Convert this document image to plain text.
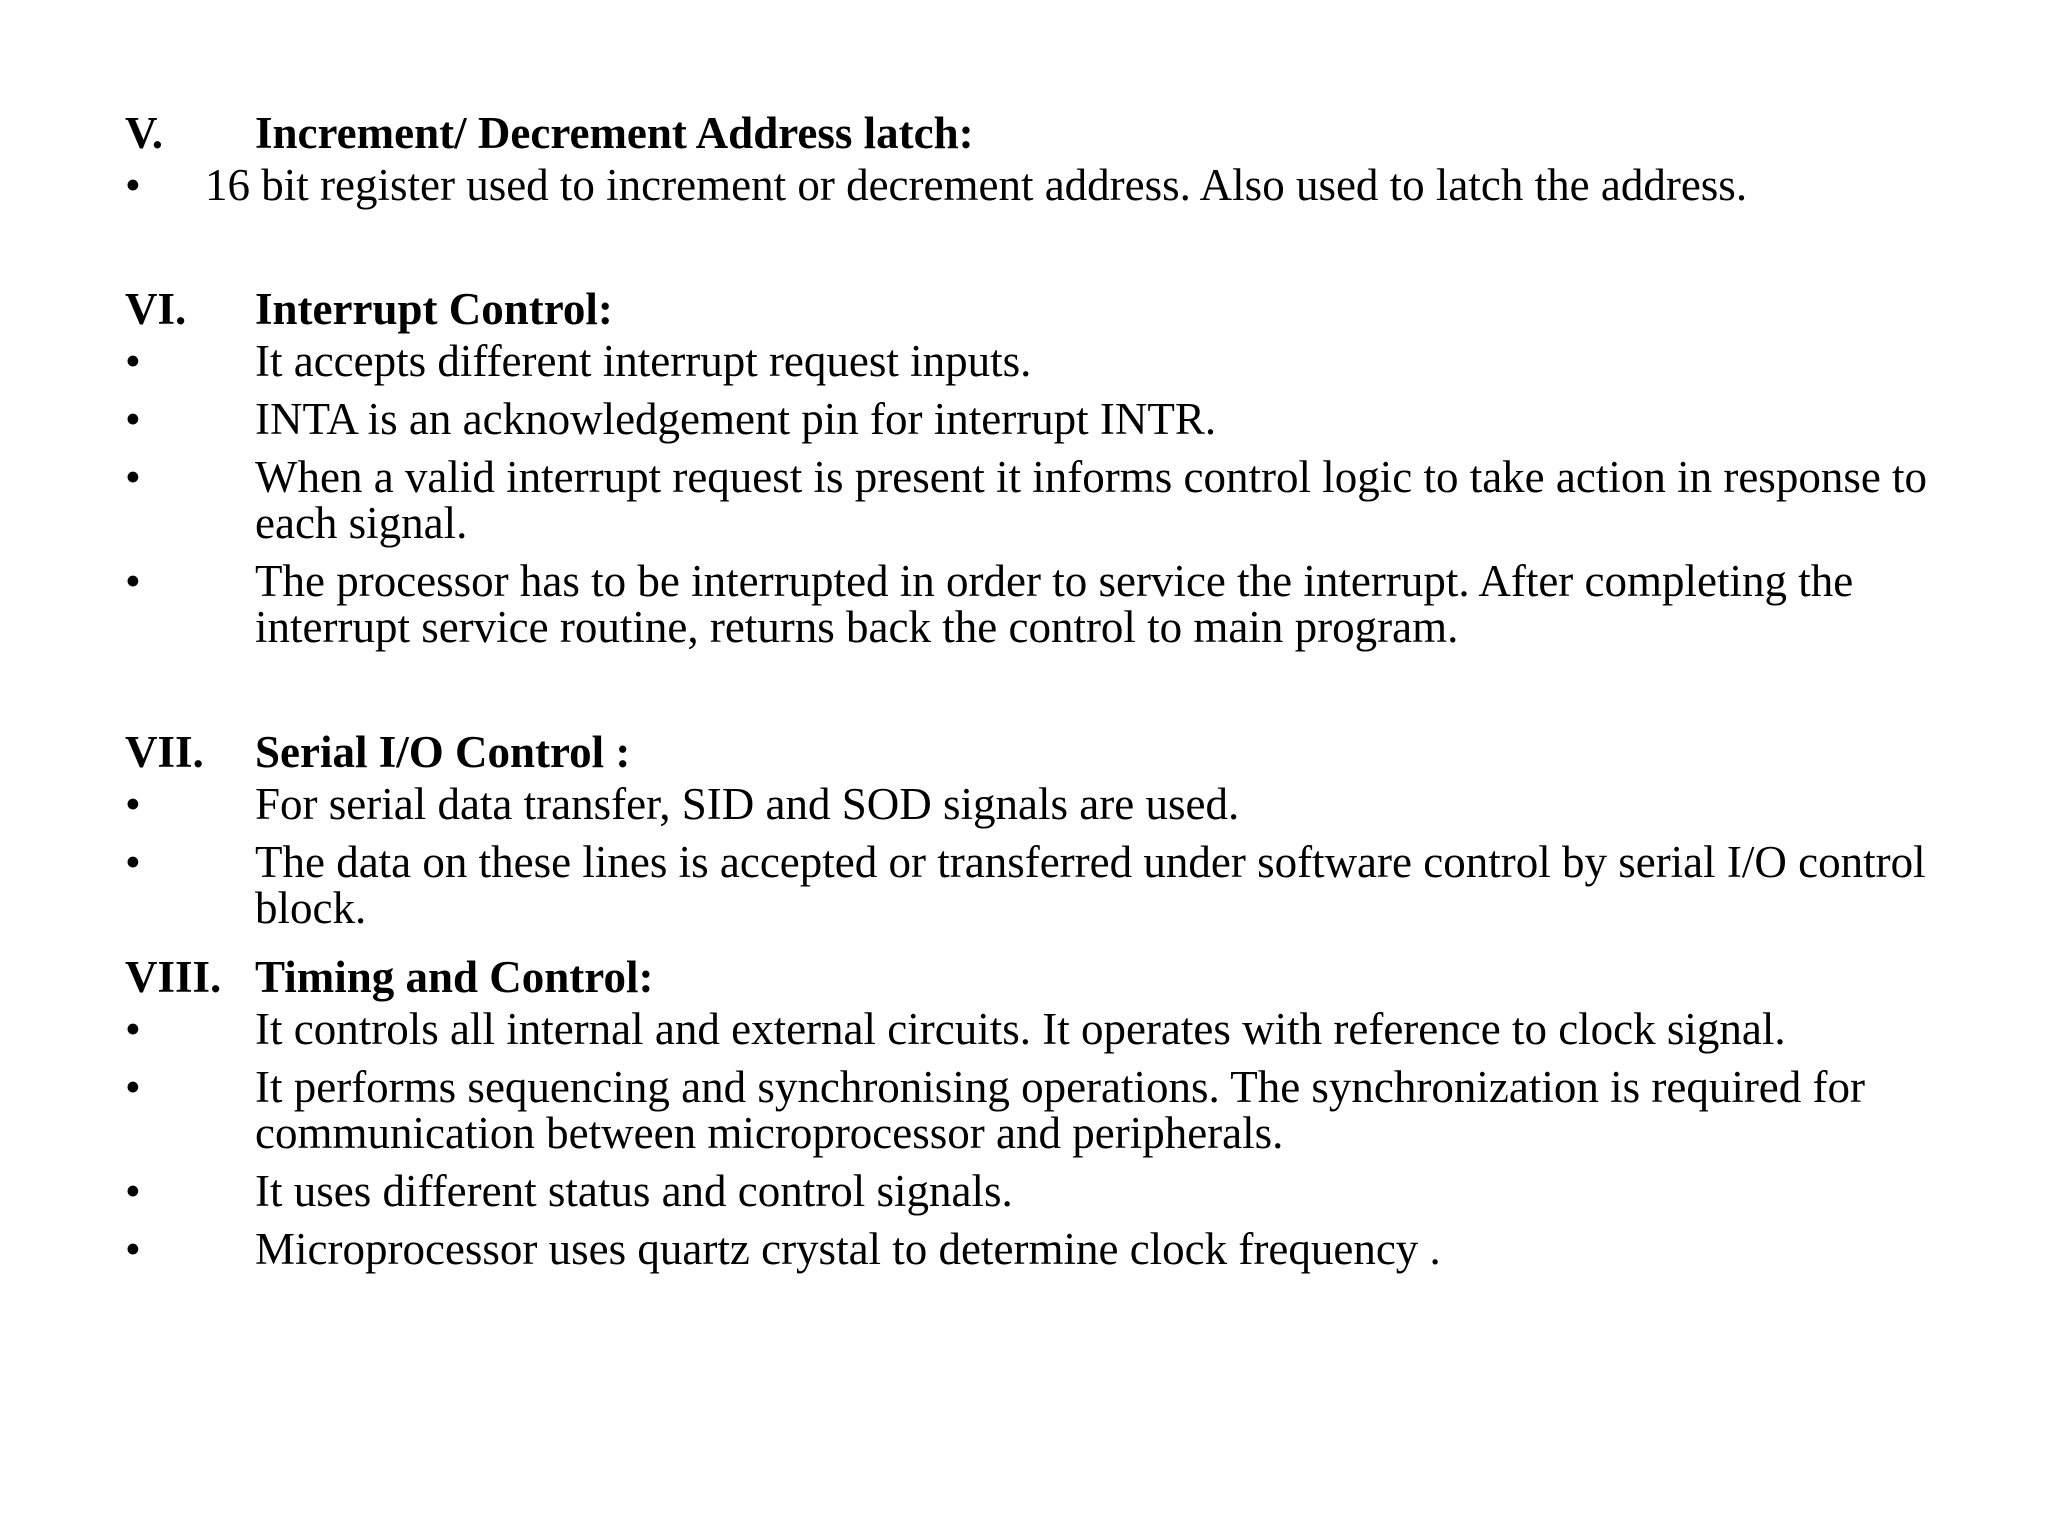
V. Increment/ Decrement Address latch:
• 16 bit register used to increment or decrement address. Also used to latch the address.
VI. Interrupt Control:
•	It accepts different interrupt request inputs.
•	INTA is an acknowledgement pin for interrupt INTR.
•	When a valid interrupt request is present it informs control logic to take action in response to each signal.
•	The processor has to be interrupted in order to service the interrupt. After completing the interrupt service routine, returns back the control to main program.
VII. Serial I/O Control :
•	For serial data transfer, SID and SOD signals are used.
•	The data on these lines is accepted or transferred under software control by serial I/O control block.
VIII. Timing and Control:
•	It controls all internal and external circuits. It operates with reference to clock signal.
•	It performs sequencing and synchronising operations. The synchronization is required for communication between microprocessor and peripherals.
•	It uses different status and control signals.
•	Microprocessor uses quartz crystal to determine clock frequency .
